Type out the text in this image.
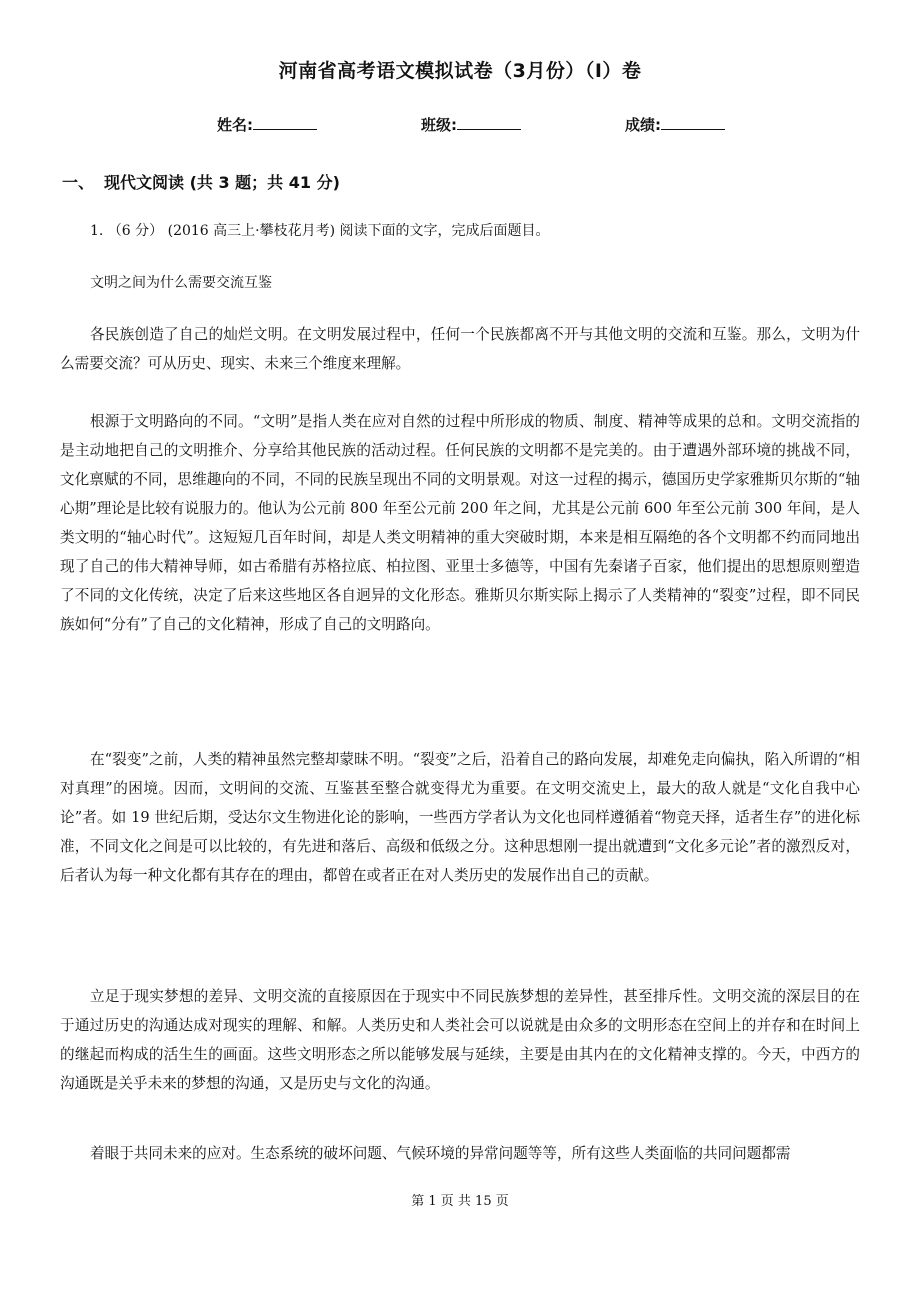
河南省高考语文模拟试卷（3月份）（I）卷
姓名:	班级:	成绩:
一、 现代文阅读 (共 3 题；共 41 分)
1. （6 分） (2016 高三上·攀枝花月考) 阅读下面的文字，完成后面题目。
文明之间为什么需要交流互鉴

各民族创造了自己的灿烂文明。在文明发展过程中，任何一个民族都离不开与其他文明的交流和互鉴。那么，文明为什么需要交流？可从历史、现实、未来三个维度来理解。

根源于文明路向的不同。“文明”是指人类在应对自然的过程中所形成的物质、制度、精神等成果的总和。文明交流指的是主动地把自己的文明推介、分享给其他民族的活动过程。任何民族的文明都不是完美的。由于遭遇外部环境的挑战不同，文化禀赋的不同，思维趣向的不同，不同的民族呈现出不同的文明景观。对这一过程的揭示，德国历史学家雅斯贝尔斯的“轴心期”理论是比较有说服力的。他认为公元前 800 年至公元前 200 年之间，尤其是公元前 600 年至公元前 300 年间，是人类文明的“轴心时代”。这短短几百年时间，却是人类文明精神的重大突破时期，本来是相互隔绝的各个文明都不约而同地出现了自己的伟大精神导师，如古希腊有苏格拉底、柏拉图、亚里士多德等，中国有先秦诸子百家，他们提出的思想原则塑造了不同的文化传统，决定了后来这些地区各自迥异的文化形态。雅斯贝尔斯实际上揭示了人类精神的“裂变”过程，即不同民族如何“分有”了自己的文化精神，形成了自己的文明路向。

在“裂变”之前，人类的精神虽然完整却蒙昧不明。“裂变”之后，沿着自己的路向发展，却难免走向偏执，陷入所谓的“相对真理”的困境。因而，文明间的交流、互鉴甚至整合就变得尤为重要。在文明交流史上，最大的敌人就是“文化自我中心论”者。如 19 世纪后期，受达尔文生物进化论的影响，一些西方学者认为文化也同样遵循着“物竞天择，适者生存”的进化标准，不同文化之间是可以比较的，有先进和落后、高级和低级之分。这种思想刚一提出就遭到“文化多元论”者的激烈反对，后者认为每一种文化都有其存在的理由，都曾在或者正在对人类历史的发展作出自己的贡献。

立足于现实梦想的差异、文明交流的直接原因在于现实中不同民族梦想的差异性，甚至排斥性。文明交流的深层目的在于通过历史的沟通达成对现实的理解、和解。人类历史和人类社会可以说就是由众多的文明形态在空间上的并存和在时间上的继起而构成的活生生的画面。这些文明形态之所以能够发展与延续，主要是由其内在的文化精神支撑的。今天，中西方的沟通既是关乎未来的梦想的沟通，又是历史与文化的沟通。

着眼于共同未来的应对。生态系统的破坏问题、气候环境的异常问题等等，所有这些人类面临的共同问题都需

第 1 页 共 15 页
